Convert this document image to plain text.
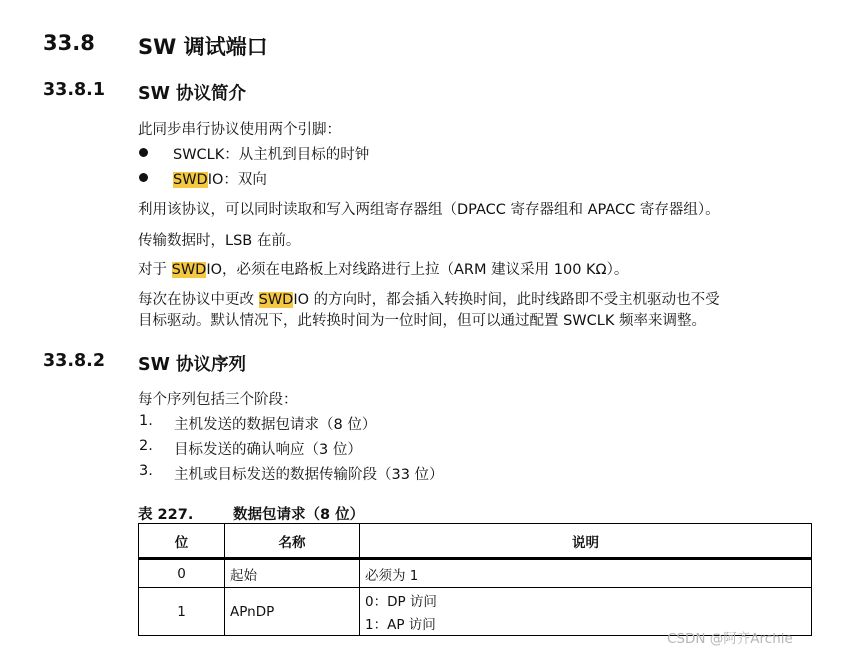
33.8 SW 调试端口
33.8.1 SW 协议简介
此同步串行协议使用两个引脚：
SWCLK：从主机到目标的时钟
SWDIO：双向
利用该协议，可以同时读取和写入两组寄存器组（DPACC 寄存器组和 APACC 寄存器组）。
传输数据时，LSB 在前。
对于 SWDIO，必须在电路板上对线路进行上拉（ARM 建议采用 100 KΩ）。
每次在协议中更改 SWDIO 的方向时，都会插入转换时间，此时线路即不受主机驱动也不受
目标驱动。默认情况下，此转换时间为一位时间，但可以通过配置 SWCLK 频率来调整。
33.8.2 SW 协议序列
每个序列包括三个阶段：
1. 主机发送的数据包请求（8 位）
2. 目标发送的确认响应（3 位）
3. 主机或目标发送的数据传输阶段（33 位）
表 227.	数据包请求（8 位）
位	名称	说明
0	起始	必须为 1
1	APnDP	0：DP 访问
1：AP 访问
CSDN @阿齐Archie
